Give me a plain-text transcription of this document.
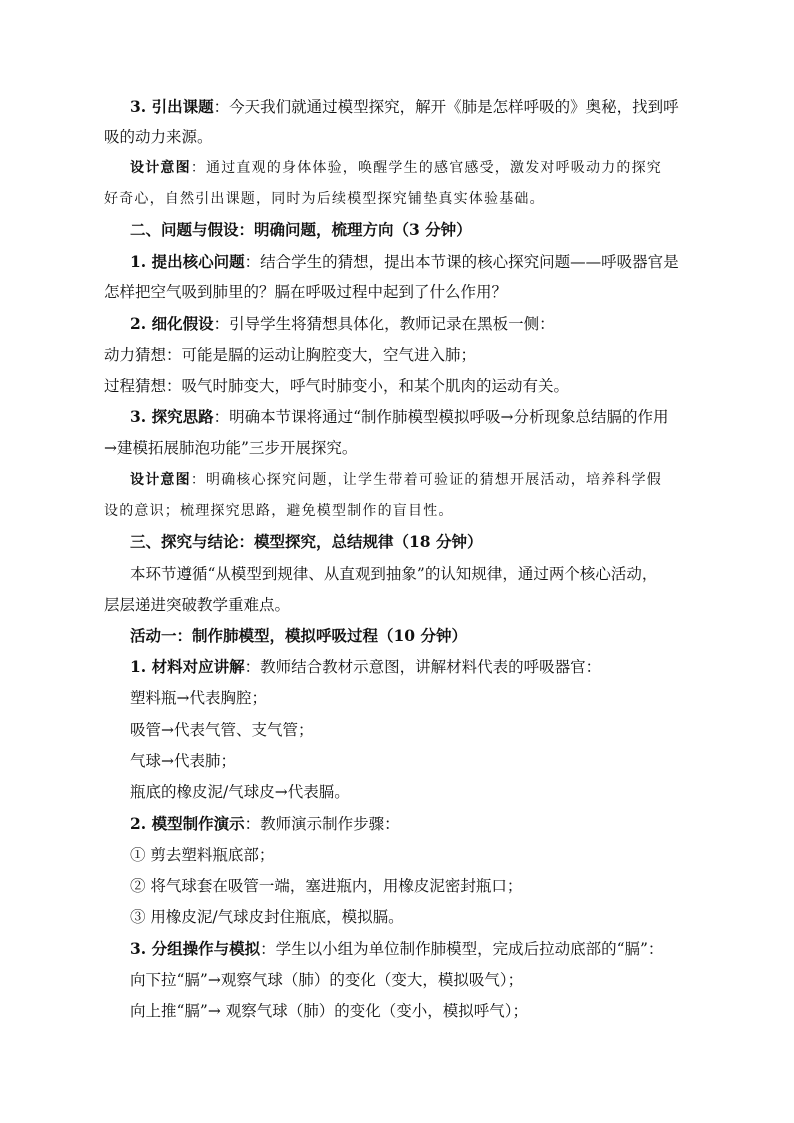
3. 引出课题：今天我们就通过模型探究，解开《肺是怎样呼吸的》奥秘，找到呼
吸的动力来源。
设计意图：通过直观的身体体验，唤醒学生的感官感受，激发对呼吸动力的探究
好奇心，自然引出课题，同时为后续模型探究铺垫真实体验基础。
二、问题与假设：明确问题，梳理方向（3 分钟）
1. 提出核心问题：结合学生的猜想，提出本节课的核心探究问题——呼吸器官是
怎样把空气吸到肺里的？膈在呼吸过程中起到了什么作用？
2. 细化假设：引导学生将猜想具体化，教师记录在黑板一侧：
动力猜想：可能是膈的运动让胸腔变大，空气进入肺；
过程猜想：吸气时肺变大，呼气时肺变小，和某个肌肉的运动有关。
3. 探究思路：明确本节课将通过“制作肺模型模拟呼吸→分析现象总结膈的作用
→建模拓展肺泡功能”三步开展探究。
设计意图：明确核心探究问题，让学生带着可验证的猜想开展活动，培养科学假
设的意识；梳理探究思路，避免模型制作的盲目性。
三、探究与结论：模型探究，总结规律（18 分钟）
本环节遵循“从模型到规律、从直观到抽象”的认知规律，通过两个核心活动，
层层递进突破教学重难点。
活动一：制作肺模型，模拟呼吸过程（10 分钟）
1. 材料对应讲解：教师结合教材示意图，讲解材料代表的呼吸器官：
塑料瓶→代表胸腔；
吸管→代表气管、支气管；
气球→代表肺；
瓶底的橡皮泥/气球皮→代表膈。
2. 模型制作演示：教师演示制作步骤：
① 剪去塑料瓶底部；
② 将气球套在吸管一端，塞进瓶内，用橡皮泥密封瓶口；
③ 用橡皮泥/气球皮封住瓶底，模拟膈。
3. 分组操作与模拟：学生以小组为单位制作肺模型，完成后拉动底部的“膈”：
向下拉“膈”→观察气球（肺）的变化（变大，模拟吸气）；
向上推“膈”→ 观察气球（肺）的变化（变小，模拟呼气）；
